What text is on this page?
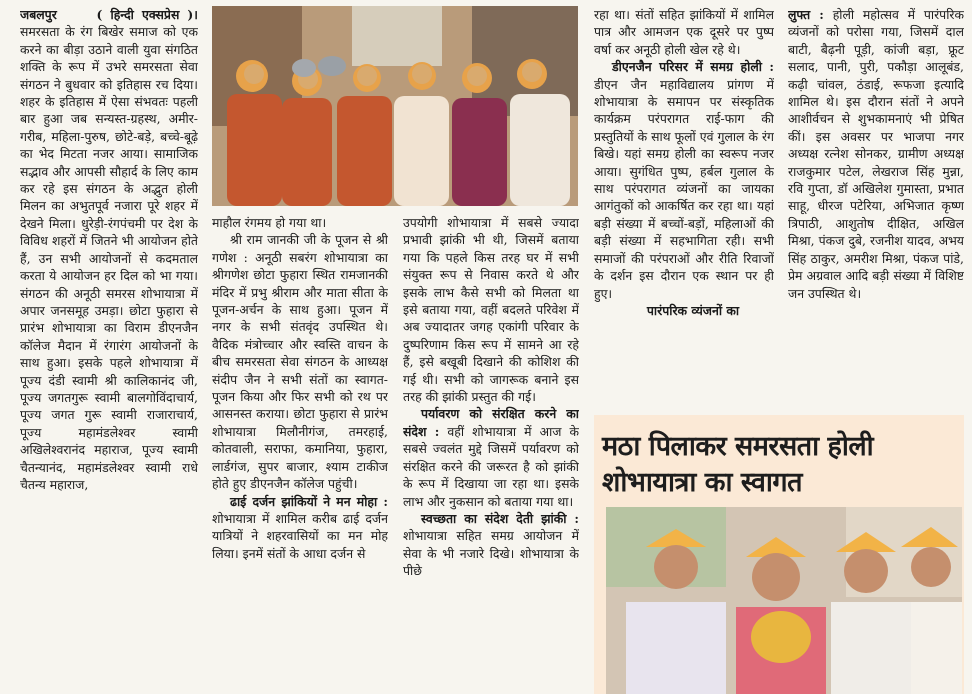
जबलपुर	( हिन्दी एक्सप्रेस )। समरसता के रंग बिखेर समाज को एक करने का बीड़ा उठाने वाली युवा संगठित शक्ति के रूप में उभरे समरसता सेवा संगठन ने बुधवार को इतिहास रच दिया। शहर के इतिहास में ऐसा संभवतः पहली बार हुआ जब सन्यस्त-ग्रहस्थ, अमीर-गरीब, महिला-पुरुष, छोटे-बड़े, बच्चे-बूढ़े का भेद मिटता नजर आया। सामाजिक सद्भाव और आपसी सौहार्द के लिए काम कर रहे इस संगठन के अद्भुत होली मिलन का अभुतपूर्व नजारा पूरे शहर में देखने मिला। धुरेड़ी-रंगपंचमी पर देश के विविध शहरों में जितने भी आयोजन होते हैं, उन सभी आयोजनों से कदमताल करता ये आयोजन हर दिल को भा गया। संगठन की अनूठी समरस शोभायात्रा में अपार जनसमूह उमड़ा। छोटा फुहारा से प्रारंभ शोभायात्रा का विराम डीएनजैन कॉलेज मैदान में रंगारंग आयोजनों के साथ हुआ। इसके पहले शोभायात्रा में पूज्य दंडी स्वामी श्री कालिकानंद जी, पूज्य जगतगुरू स्वामी बालगोविंदाचार्य, पूज्य जगत गुरू स्वामी राजाराचार्य, पूज्य महामंडलेश्वर स्वामी अखिलेश्वरानंद महाराज, पूज्य स्वामी चैतन्यानंद, महामंडलेश्वर स्वामी राधे चैतन्य महाराज,

माहौल रंगमय हो गया था।

श्री राम जानकी जी के पूजन से श्री गणेश : अनूठी सबरंग शोभायात्रा का श्रीगणेश छोटा फुहारा स्थित रामजानकी मंदिर में प्रभु श्रीराम और माता सीता के पूजन-अर्चन के साथ हुआ। पूजन में नगर के सभी संतवृंद उपस्थित थे। वैदिक मंत्रोच्चार और स्वस्ति वाचन के बीच समरसता सेवा संगठन के आध्यक्ष संदीप जैन ने सभी संतों का स्वागत-पूजन किया और फिर सभी को रथ पर आसनस्त कराया। छोटा फुहारा से प्रारंभ शोभायात्रा मिलौनीगंज, तमरहाई, कोतवाली, सराफा, कमानिया, फुहारा, लार्डगंज, सुपर बाजार, श्याम टाकीज होते हुए डीएनजैन कॉलेज पहुंची।

ढाई दर्जन झांकियों ने मन मोहा : शोभायात्रा में शामिल करीब ढाई दर्जन यात्रियों ने शहरवासियों का मन मोह लिया। इनमें संतों के आधा दर्जन से

उपयोगी शोभायात्रा में सबसे ज्यादा प्रभावी झांकी भी थी, जिसमें बताया गया कि पहले किस तरह घर में सभी संयुक्त रूप से निवास करते थे और इसके लाभ कैसे सभी को मिलता था इसे बताया गया, वहीं बदलते परिवेश में अब ज्यादातर जगह एकांगी परिवार के दुष्परिणाम किस रूप में सामने आ रहे हैं, इसे बखूबी दिखाने की कोशिश की गई थी। सभी को जागरूक बनाने इस तरह की झांकी प्रस्तुत की गई।

पर्यावरण को संरक्षित करने का संदेश : वहीं शोभायात्रा में आज के सबसे ज्वलंत मुद्दे जिसमें पर्यावरण को संरक्षित करने की जरूरत है को झांकी के रूप में दिखाया जा रहा था। इसके लाभ और नुकसान को बताया गया था।

स्वच्छता का संदेश देती झांकी : शोभायात्रा सहित समग्र आयोजन में सेवा के भी नजारे दिखे। शोभायात्रा के पीछे

रहा था। संतों सहित झांकियों में शामिल पात्र और आमजन एक दूसरे पर पुष्प वर्षा कर अनूठी होली खेल रहे थे।

डीएनजैन परिसर में समग्र होली : डीएन जैन महाविद्यालय प्रांगण में शोभायात्रा के समापन पर संस्कृतिक कार्यक्रम परंपरागत राई-फाग की प्रस्तुतियों के साथ फूलों एवं गुलाल के रंग बिखे। यहां समग्र होली का स्वरूप नजर आया। सुगंधित पुष्प, हर्बल गुलाल के साथ परंपरागत व्यंजनों का जायका आगंतुकों को आकर्षित कर रहा था। यहां बड़ी संख्या में बच्चों-बड़ों, महिलाओं की बड़ी संख्या में सहभागिता रही। सभी समाजों की परंपराओं और रीति रिवाजों के दर्शन इस दौरान एक स्थान पर ही हुए।

पारंपरिक व्यंजनों का

लुफ्त : होली महोत्सव में पारंपरिक व्यंजनों को परोसा गया, जिसमें दाल बाटी, बैढ़नी पूड़ी, कांजी बड़ा, फ्रूट सलाद, पानी, पुरी, पकौड़ा आलूबंड, कढ़ी चांवल, ठंडाई, रूफजा इत्यादि शामिल थे। इस दौरान संतों ने अपने आशीर्वचन से शुभकामनाएं भी प्रेषित कीं। इस अवसर पर भाजपा नगर अध्यक्ष रत्नेश सोनकर, ग्रामीण अध्यक्ष राजकुमार पटेल, लेखराज सिंह मुन्ना, रवि गुप्ता, डॉ अखिलेश गुमास्ता, प्रभात साहू, धीरज पटेरिया, अभिजात कृष्ण त्रिपाठी, आशुतोष दीक्षित, अखिल मिश्रा, पंकज दुबे, रजनीश यादव, अभय सिंह ठाकुर, अमरीश मिश्रा, पंकज पांडे, प्रेम अग्रवाल आदि बड़ी संख्या में विशिष्ट जन उपस्थित थे।

मठा पिलाकर समरसता होली शोभायात्रा का स्वागत
